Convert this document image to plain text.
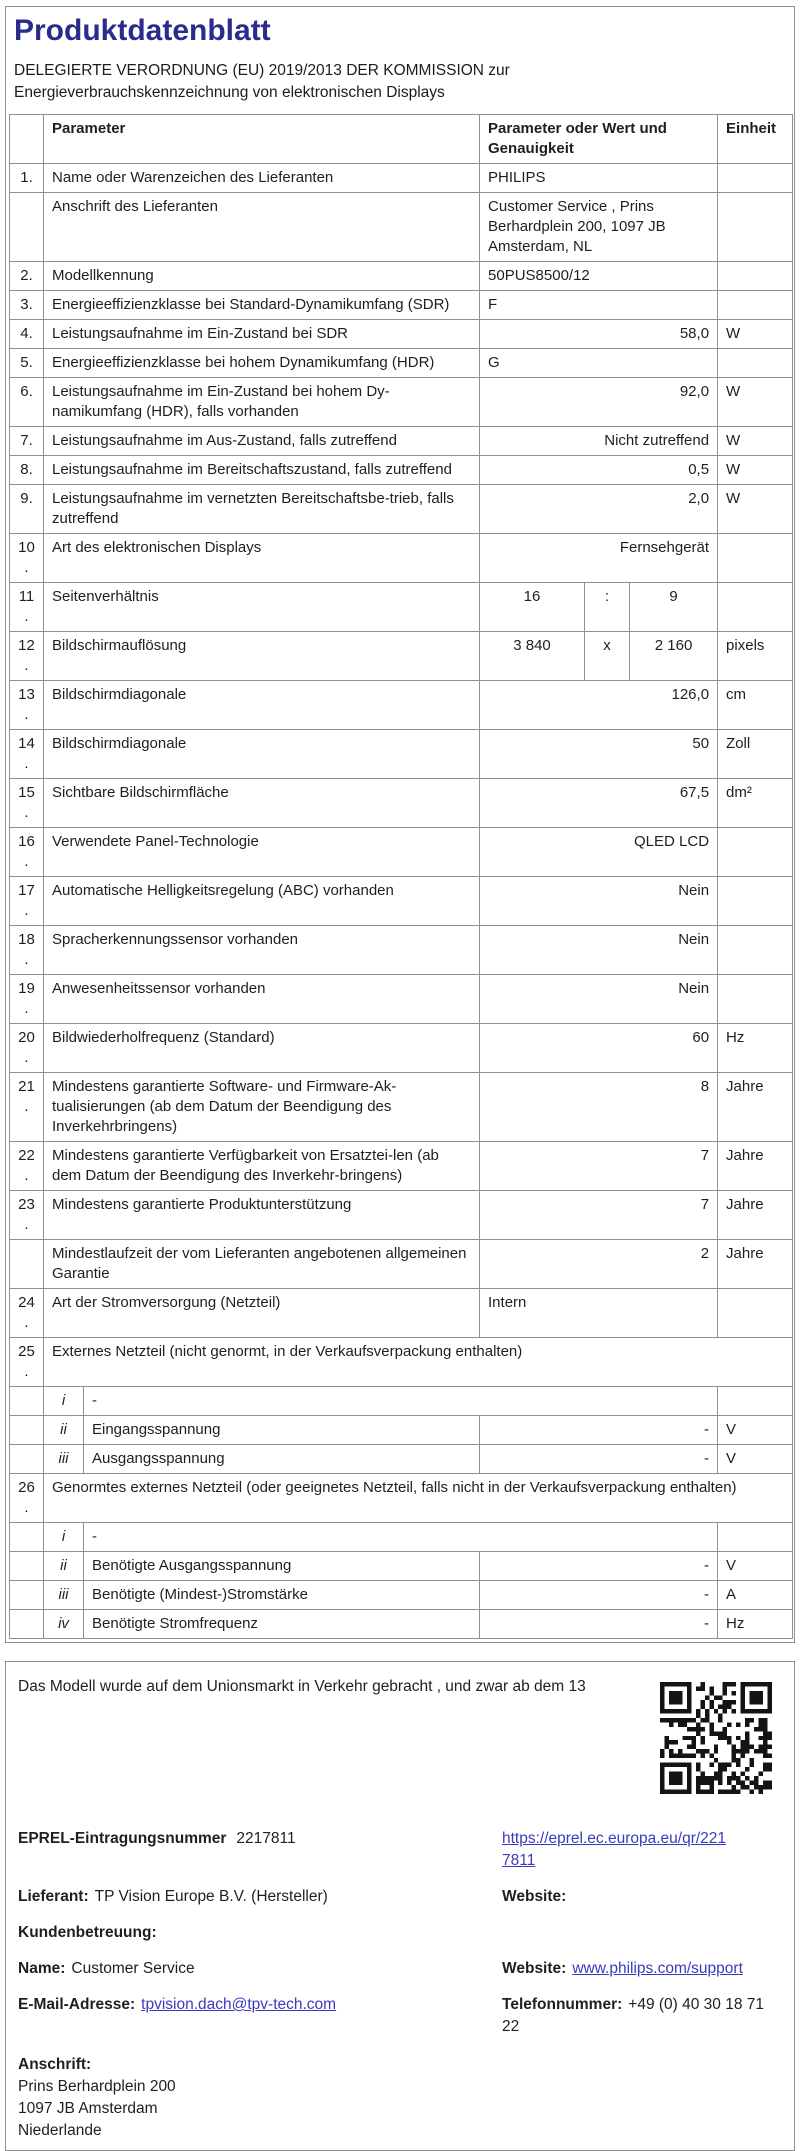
Produktdatenblatt

DELEGIERTE VERORDNUNG (EU) 2019/2013 DER KOMMISSION zur

Energieverbrauchskennzeichnung von elektronischen Displays

	Parameter		Parameter oder Wert und Genauigkeit			Einheit
1.	Name oder Warenzeichen des Lieferanten		PHILIPS			
	Anschrift des Lieferanten		Customer Service , Prins Berhardplein 200, 1097 JB Amsterdam, NL			
2.	Modellkennung		50PUS8500/12			
3.	Energieeffizienzklasse bei Standard-Dynamikumfang (SDR)		F			
4.	Leistungsaufnahme im Ein-Zustand bei SDR		58,0			W
5.	Energieeffizienzklasse bei hohem Dynamikumfang (HDR)		G			
6.	Leistungsaufnahme im Ein-Zustand bei hohem Dy-namikumfang (HDR), falls vorhanden		92,0			W
7.	Leistungsaufnahme im Aus-Zustand, falls zutreffend		Nicht zutreffend			W
8.	Leistungsaufnahme im Bereitschaftszustand, falls zutreffend		0,5			W
9.	Leistungsaufnahme im vernetzten Bereitschaftsbe-trieb, falls zutreffend		2,0			W
10.	Art des elektronischen Displays		Fernsehgerät			
11.	Seitenverhältnis		16	:	9	
12.	Bildschirmauflösung		3 840	x	2 160	pixels
13.	Bildschirmdiagonale		126,0			cm
14.	Bildschirmdiagonale		50			Zoll
15.	Sichtbare Bildschirmfläche		67,5			dm²
16.	Verwendete Panel-Technologie		QLED LCD			
17.	Automatische Helligkeitsregelung (ABC) vorhanden		Nein			
18.	Spracherkennungssensor vorhanden		Nein			
19.	Anwesenheitssensor vorhanden		Nein			
20.	Bildwiederholfrequenz (Standard)		60			Hz
21.	Mindestens garantierte Software- und Firmware-Ak-tualisierungen (ab dem Datum der Beendigung des Inverkehrbringens)		8			Jahre
22.	Mindestens garantierte Verfügbarkeit von Ersatztei-len (ab dem Datum der Beendigung des Inverkehr-bringens)		7			Jahre
23.	Mindestens garantierte Produktunterstützung		7			Jahre
	Mindestlaufzeit der vom Lieferanten angebotenen allgemeinen Garantie		2			Jahre
24.	Art der Stromversorgung (Netzteil)		Intern			
25.	Externes Netzteil (nicht genormt, in der Verkaufsverpackung enthalten)					
	i	-				
	ii	Eingangsspannung	-			V
	iii	Ausgangsspannung	-			V
26.	Genormtes externes Netzteil (oder geeignetes Netzteil, falls nicht in der Verkaufsverpackung enthalten)					
	i	-				
	ii	Benötigte Ausgangsspannung	-			V
	iii	Benötigte (Mindest-)Stromstärke	-			A
	iv	Benötigte Stromfrequenz	-			Hz

Das Modell wurde auf dem Unionsmarkt in Verkehr gebracht , und zwar ab dem 13

EPREL-Eintragungsnummer 2217811	https://eprel.ec.europa.eu/qr/2217811
Lieferant: TP Vision Europe B.V. (Hersteller)	Website:
Kundenbetreuung:
Name: Customer Service	Website: www.philips.com/support
E-Mail-Adresse: tpvision.dach@tpv-tech.com	Telefonnummer: +49 (0) 40 30 18 71 22
Anschrift:
Prins Berhardplein 200
1097 JB Amsterdam
Niederlande
